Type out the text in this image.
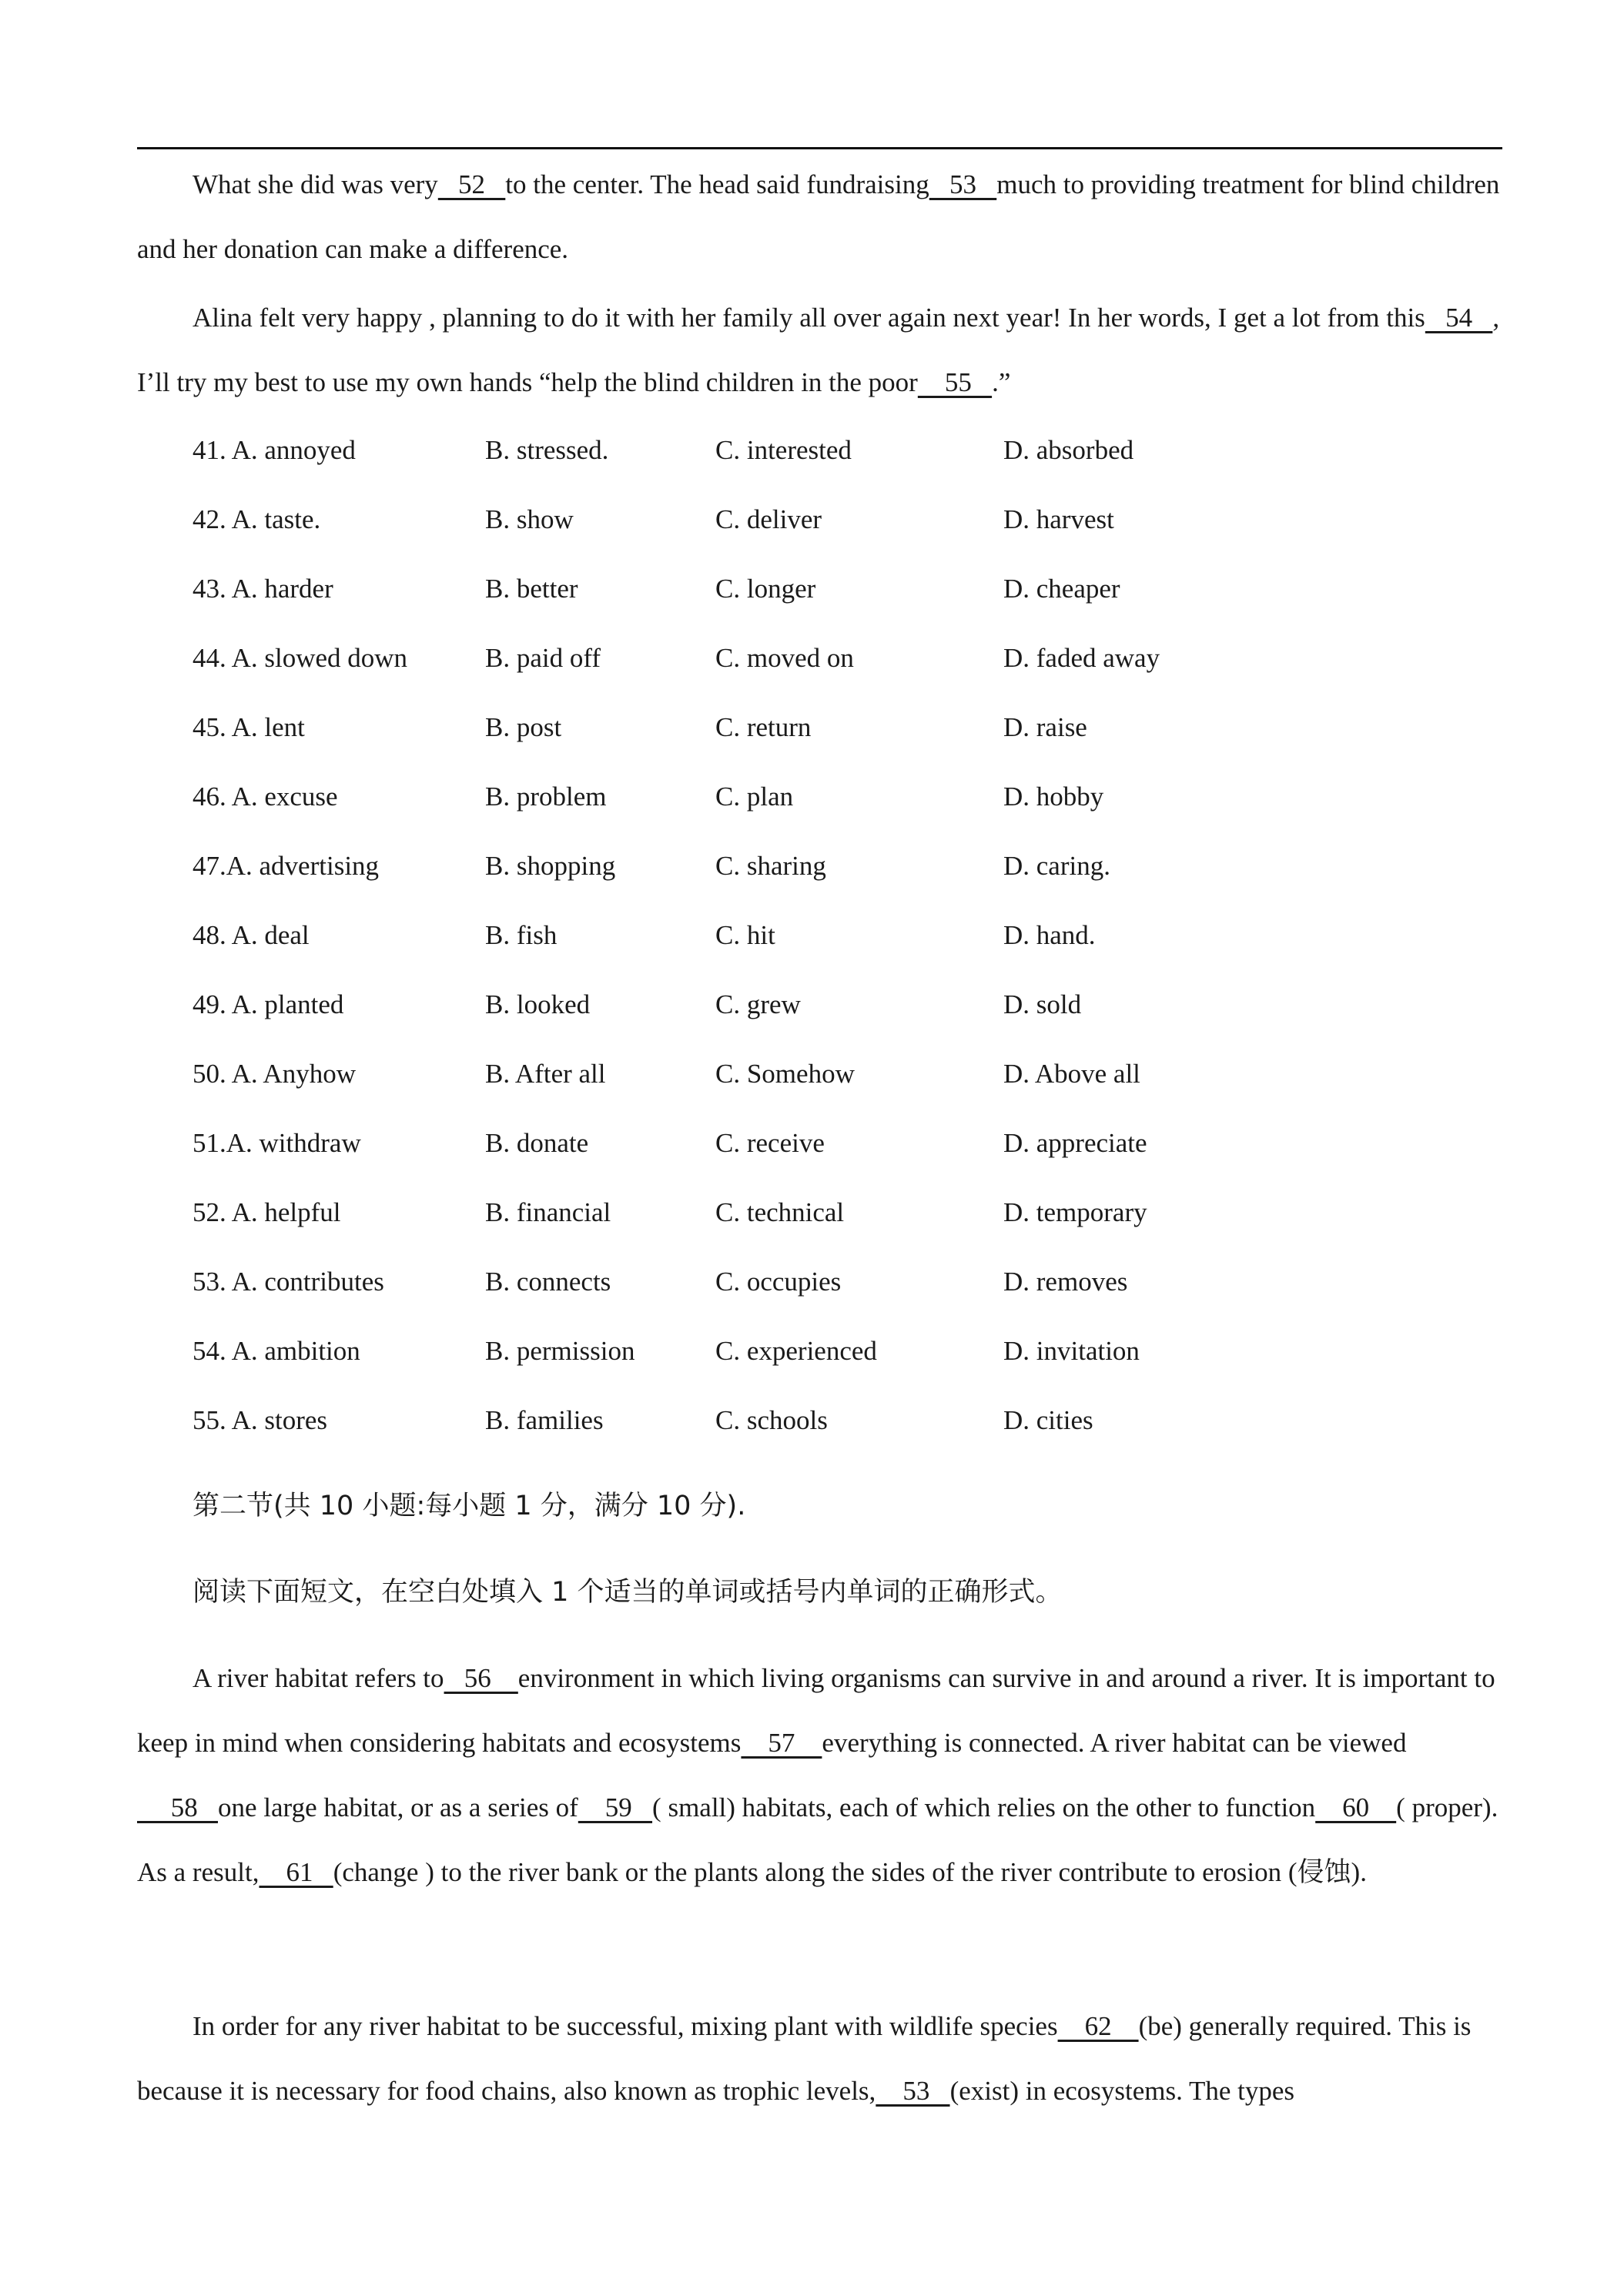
What she did was very   52   to the center. The head said fundraising   53   much to providing treatment for blind children and her donation can make a difference.

Alina felt very happy , planning to do it with her family all over again next year! In her words, I get a lot from this   54   , I’ll try my best to use my own hands “help the blind children in the poor    55   .”

41. A. annoyed	B. stressed.	C. interested	D. absorbed
42. A. taste.	B. show	C. deliver	D. harvest
43. A. harder	B. better	C. longer	D. cheaper
44. A. slowed down	B. paid off	C. moved on	D. faded away
45. A. lent	B. post	C. return	D. raise
46. A. excuse	B. problem	C. plan	D. hobby
47.A. advertising	B. shopping	C. sharing	D. caring.
48. A. deal	B. fish	C. hit	D. hand.
49. A. planted	B. looked	C. grew	D. sold
50. A. Anyhow	B. After all	C. Somehow	D. Above all
51.A. withdraw	B. donate	C. receive	D. appreciate
52. A. helpful	B. financial	C. technical	D. temporary
53. A. contributes	B. connects	C. occupies	D. removes
54. A. ambition	B. permission	C. experienced	D. invitation
55. A. stores	B. families	C. schools	D. cities
第二节(共 10 小题:每小题 1 分，满分 10 分).
阅读下面短文，在空白处填入 1 个适当的单词或括号内单词的正确形式。

A river habitat refers to   56    environment in which living organisms can survive in and around a river. It is important to keep in mind when considering habitats and ecosystems    57    everything is connected. A river habitat can be viewed     58   one large habitat, or as a series of    59   ( small) habitats, each of which relies on the other to function    60    ( proper). As a result,    61   (change ) to the river bank or the plants along the sides of the river contribute to erosion (侵蚀).

In order for any river habitat to be successful, mixing plant with wildlife species    62    (be) generally required. This is because it is necessary for food chains, also known as trophic levels,    53   (exist) in ecosystems. The types
